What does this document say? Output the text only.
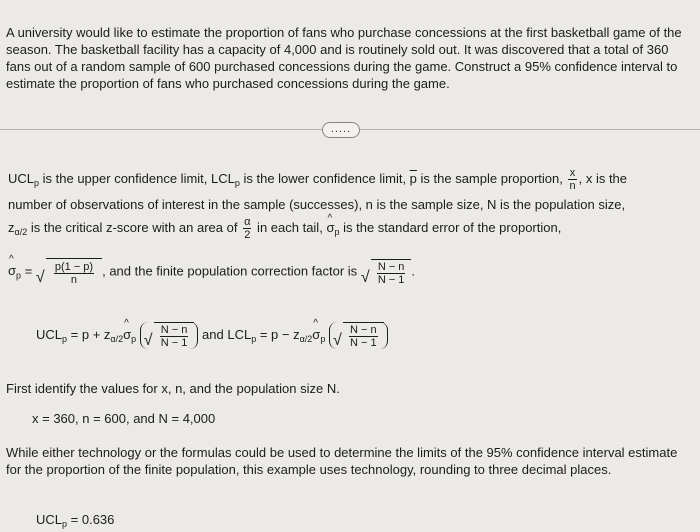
A university would like to estimate the proportion of fans who purchase concessions at the first basketball game of the season. The basketball facility has a capacity of 4,000 and is routinely sold out. It was discovered that a total of 360 fans out of a random sample of 600 purchased concessions during the game. Construct a 95% confidence interval to estimate the proportion of fans who purchased concessions during the game.

.....
$UCL_p$ is the upper confidence limit, $LCL_p$ is the lower confidence limit, $\overline{p}$ is the sample proportion, $\frac{x}{n}$ , x is the
number of observations of interest in the sample (successes), n is the sample size, N is the population size,
$z_{\alpha/2}$ is the critical z-score with an area of $\frac{\alpha}{2}$ in each tail, ^ $\sigma_p$ is the standard error of the proportion,
^ $\sigma_p$ = √ $\frac{p(1 - p)}{n}$ , and the finite population correction factor is √ $\frac{N - n}{N - 1}$ .
$UCL_p = p$ + $z_{\alpha/2}\^{}$ $\sigma_p$ √ $\frac{N - n}{N - 1}$ and $LCL_p = p$ − $z_{\alpha/2}\^{}$ $\sigma_p$ √ $\frac{N - n}{N - 1}$
First identify the values for x, n, and the population size N.
x = 360, n = 600, and N = 4,000
While either technology or the formulas could be used to determine the limits of the 95% confidence interval estimate for the proportion of the finite population, this example uses technology, rounding to three decimal places.
$UCL_p = 0.636$
